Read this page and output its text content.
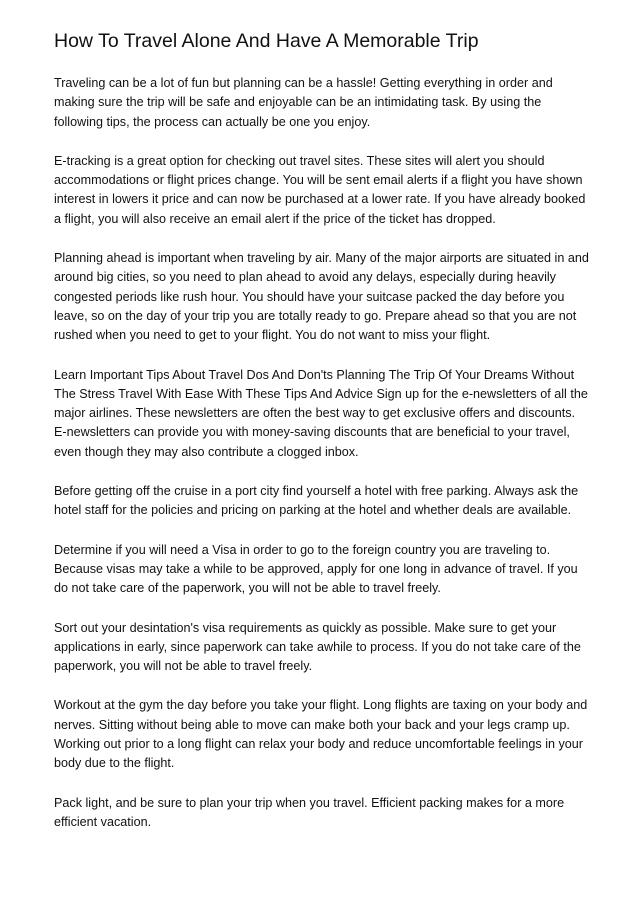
How To Travel Alone And Have A Memorable Trip

Traveling can be a lot of fun but planning can be a hassle! Getting everything in order and making sure the trip will be safe and enjoyable can be an intimidating task. By using the following tips, the process can actually be one you enjoy.

E-tracking is a great option for checking out travel sites. These sites will alert you should accommodations or flight prices change. You will be sent email alerts if a flight you have shown interest in lowers it price and can now be purchased at a lower rate. If you have already booked a flight, you will also receive an email alert if the price of the ticket has dropped.

Planning ahead is important when traveling by air. Many of the major airports are situated in and around big cities, so you need to plan ahead to avoid any delays, especially during heavily congested periods like rush hour. You should have your suitcase packed the day before you leave, so on the day of your trip you are totally ready to go. Prepare ahead so that you are not rushed when you need to get to your flight. You do not want to miss your flight.

Learn Important Tips About Travel Dos And Don'ts Planning The Trip Of Your Dreams Without The Stress Travel With Ease With These Tips And Advice Sign up for the e-newsletters of all the major airlines. These newsletters are often the best way to get exclusive offers and discounts. E-newsletters can provide you with money-saving discounts that are beneficial to your travel, even though they may also contribute a clogged inbox.

Before getting off the cruise in a port city find yourself a hotel with free parking. Always ask the hotel staff for the policies and pricing on parking at the hotel and whether deals are available.

Determine if you will need a Visa in order to go to the foreign country you are traveling to. Because visas may take a while to be approved, apply for one long in advance of travel. If you do not take care of the paperwork, you will not be able to travel freely.

Sort out your desintation's visa requirements as quickly as possible. Make sure to get your applications in early, since paperwork can take awhile to process. If you do not take care of the paperwork, you will not be able to travel freely.

Workout at the gym the day before you take your flight. Long flights are taxing on your body and nerves. Sitting without being able to move can make both your back and your legs cramp up. Working out prior to a long flight can relax your body and reduce uncomfortable feelings in your body due to the flight.

Pack light, and be sure to plan your trip when you travel. Efficient packing makes for a more efficient vacation.
